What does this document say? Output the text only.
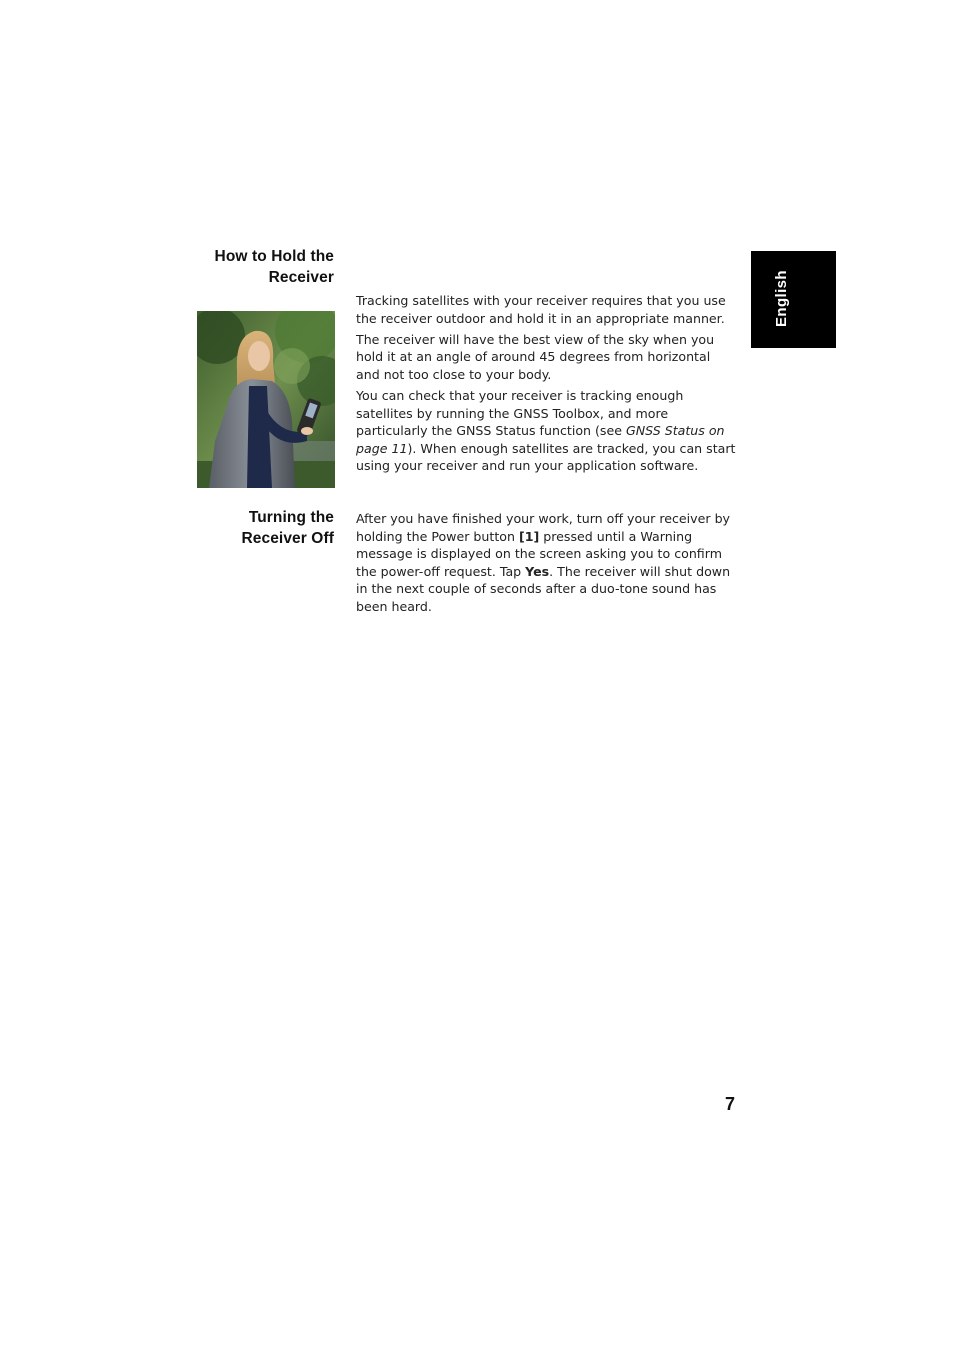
How to Hold the
Receiver

Tracking satellites with your receiver requires that you use the receiver outdoor and hold it in an appropriate manner.

The receiver will have the best view of the sky when you hold it at an angle of around 45 degrees from horizontal and not too close to your body.

You can check that your receiver is tracking enough satellites by running the GNSS Toolbox, and more particularly the GNSS Status function (see GNSS Status on page 11). When enough satellites are tracked, you can start using your receiver and run your application software.

Turning the
Receiver Off

After you have finished your work, turn off your receiver by holding the Power button [1] pressed until a Warning message is displayed on the screen asking you to confirm the power-off request. Tap Yes. The receiver will shut down in the next couple of seconds after a duo-tone sound has been heard.

English
7
